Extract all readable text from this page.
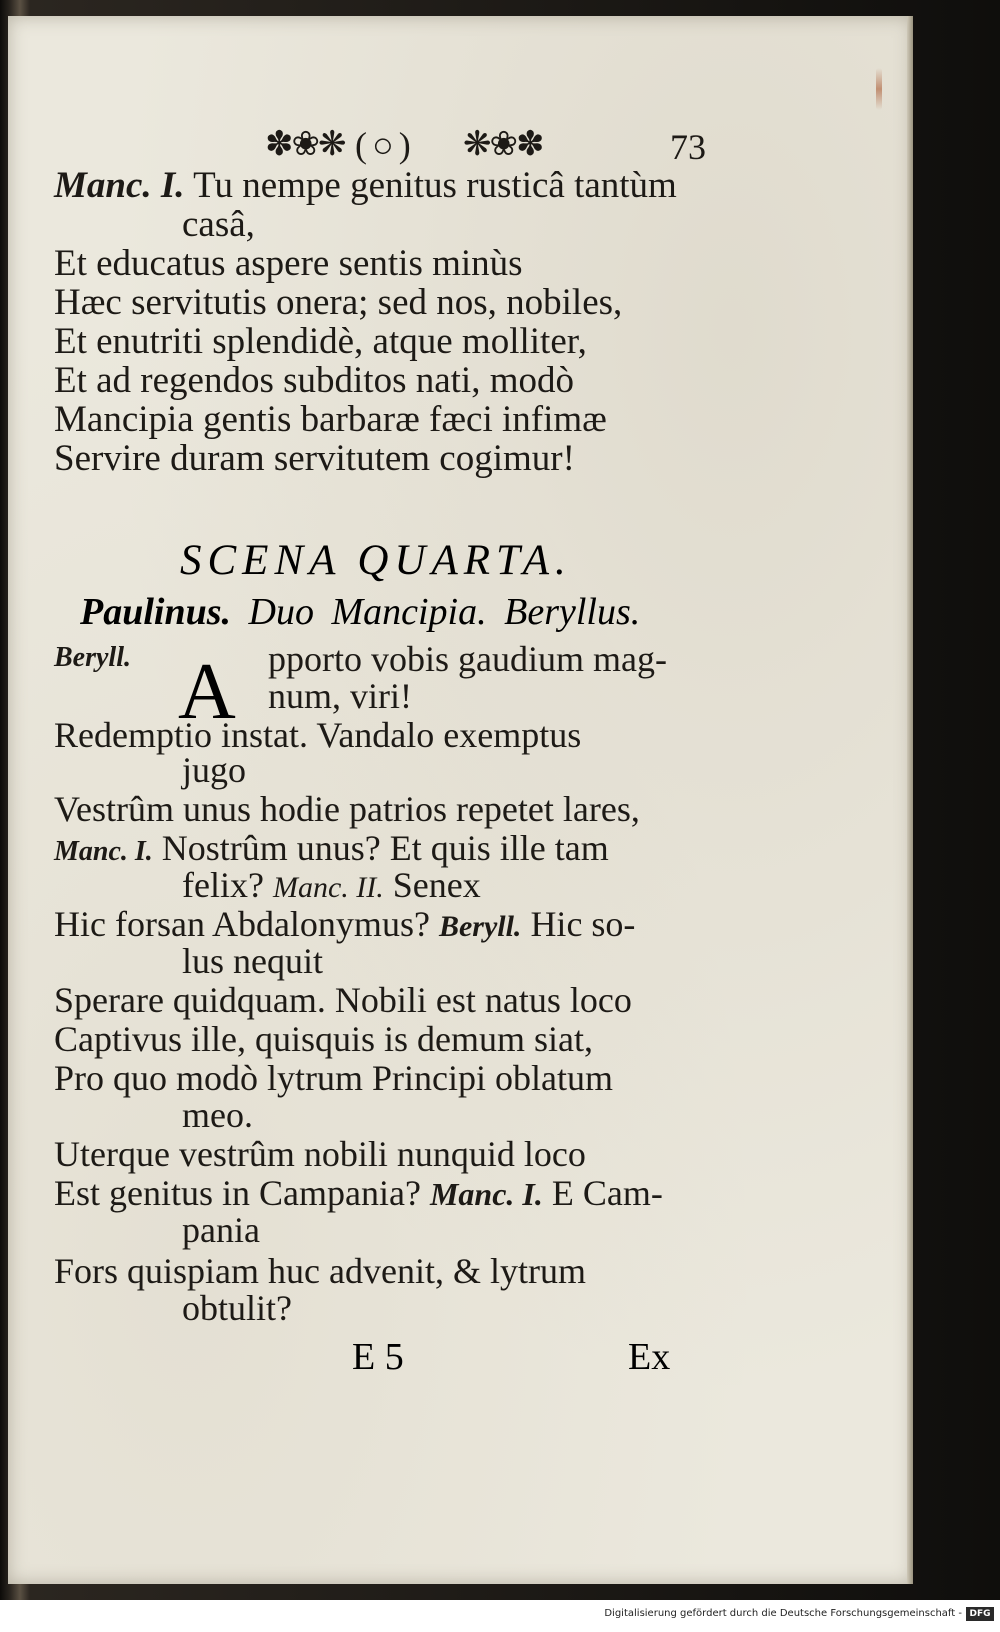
✽❀❋ ( ○ ) ❋❀✽	73
Manc. I. Tu nempe genitus rusticâ tantùm
casâ,
Et educatus aspere sentis minùs
Hæc servitutis onera; sed nos, nobiles,
Et enutriti splendidè, atque molliter,
Et ad regendos subditos nati, modò
Mancipia gentis barbaræ fæci infimæ
Servire duram servitutem cogimur!
SCENA QUARTA.
Paulinus. Duo Mancipia. Beryllus.
Beryll.	pporto vobis gaudium mag-
num, viri!
Redemptio instat. Vandalo exemptus
jugo
Vestrûm unus hodie patrios repetet lares,
Manc. I. Nostrûm unus? Et quis ille tam
felix? Manc. II. Senex
Hic forsan Abdalonymus? Beryll. Hic so-
lus nequit
Sperare quidquam. Nobili est natus loco
Captivus ille, quisquis is demum siat,
Pro quo modò lytrum Principi oblatum
meo.
Uterque vestrûm nobili nunquid loco
Est genitus in Campania? Manc. I. E Cam-
pania
Fors quispiam huc advenit, & lytrum
obtulit?
A
E 5	Ex
Digitalisierung gefördert durch die Deutsche Forschungsgemeinschaft - DFG
